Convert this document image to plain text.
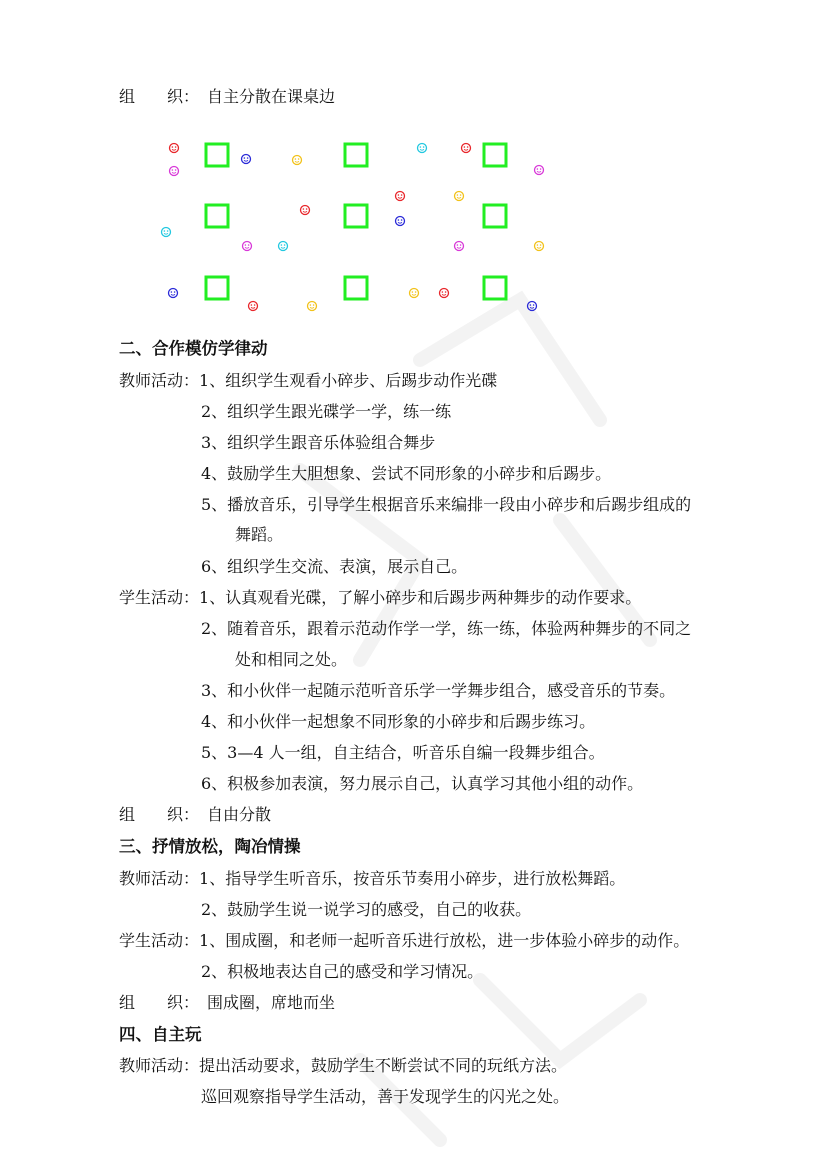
组　　织： 自主分散在课桌边
二、合作模仿学律动
教师活动：1、组织学生观看小碎步、后踢步动作光碟
2、组织学生跟光碟学一学，练一练
3、组织学生跟音乐体验组合舞步
4、鼓励学生大胆想象、尝试不同形象的小碎步和后踢步。
5、播放音乐，引导学生根据音乐来编排一段由小碎步和后踢步组成的
舞蹈。
6、组织学生交流、表演，展示自己。
学生活动：1、认真观看光碟，了解小碎步和后踢步两种舞步的动作要求。
2、随着音乐，跟着示范动作学一学，练一练，体验两种舞步的不同之
处和相同之处。
3、和小伙伴一起随示范听音乐学一学舞步组合，感受音乐的节奏。
4、和小伙伴一起想象不同形象的小碎步和后踢步练习。
5、3—4 人一组，自主结合，听音乐自编一段舞步组合。
6、积极参加表演，努力展示自己，认真学习其他小组的动作。
组　　织： 自由分散
三、抒情放松，陶冶情操
教师活动：1、指导学生听音乐，按音乐节奏用小碎步，进行放松舞蹈。
2、鼓励学生说一说学习的感受，自己的收获。
学生活动：1、围成圈，和老师一起听音乐进行放松，进一步体验小碎步的动作。
2、积极地表达自己的感受和学习情况。
组　　织： 围成圈，席地而坐
四、自主玩
教师活动：提出活动要求，鼓励学生不断尝试不同的玩纸方法。
巡回观察指导学生活动，善于发现学生的闪光之处。
